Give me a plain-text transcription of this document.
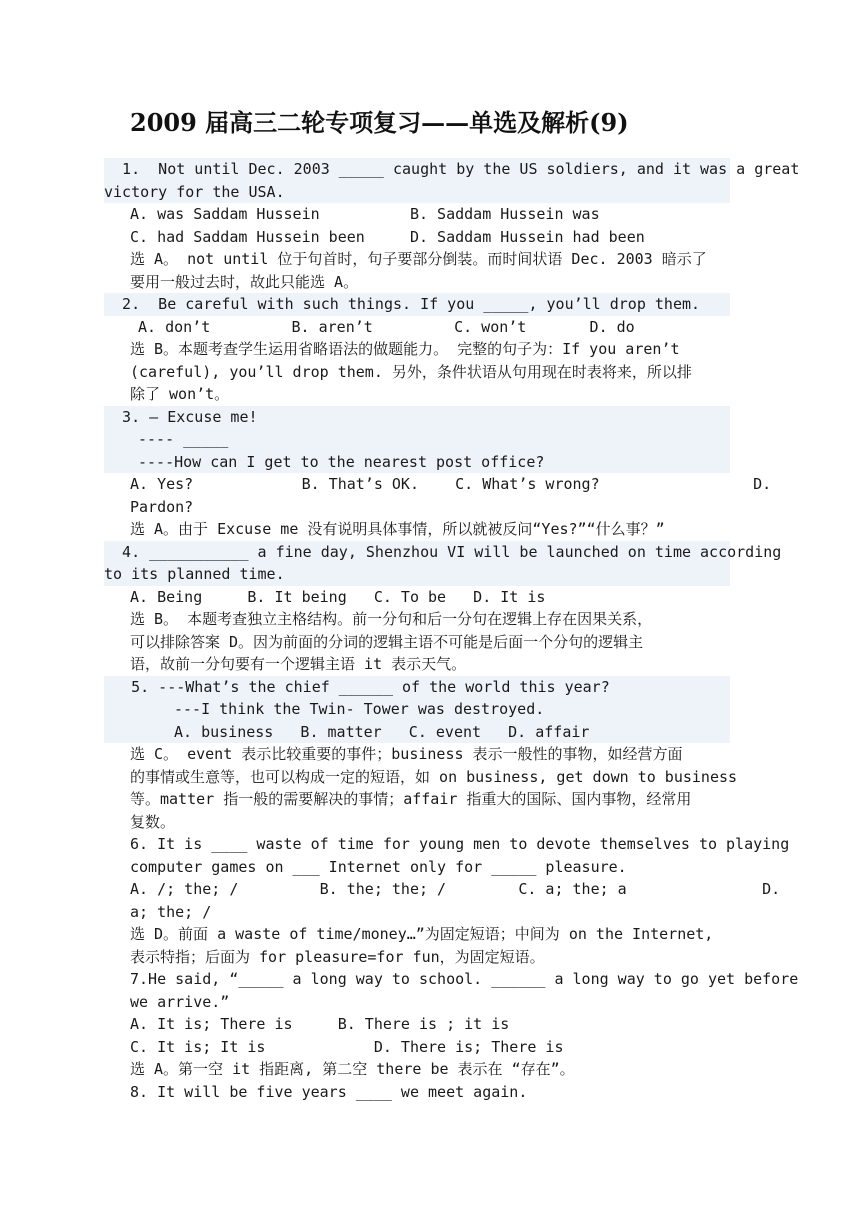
2009 届高三二轮专项复习——单选及解析(9)
1.  Not until Dec. 2003 _____ caught by the US soldiers, and it was a great
victory for the USA.
A. was Saddam Hussein          B. Saddam Hussein was
C. had Saddam Hussein been     D. Saddam Hussein had been
选 A。 not until 位于句首时，句子要部分倒装。而时间状语 Dec. 2003 暗示了
要用一般过去时，故此只能选 A。
2.  Be careful with such things. If you _____, you’ll drop them.
A. don’t         B. aren’t         C. won’t       D. do
选 B。本题考查学生运用省略语法的做题能力。 完整的句子为：If you aren’t
(careful), you’ll drop them. 另外，条件状语从句用现在时表将来，所以排
除了 won’t。
3. — Excuse me!
---- _____
----How can I get to the nearest post office?
A. Yes?            B. That’s OK.    C. What’s wrong?                 D.
Pardon?
选 A。由于 Excuse me 没有说明具体事情，所以就被反问“Yes?”“什么事？”
4. ___________ a fine day, Shenzhou VI will be launched on time according
to its planned time.
A. Being     B. It being   C. To be   D. It is
选 B。 本题考查独立主格结构。前一分句和后一分句在逻辑上存在因果关系，
可以排除答案 D。因为前面的分词的逻辑主语不可能是后面一个分句的逻辑主
语，故前一分句要有一个逻辑主语 it 表示天气。
5. ---What’s the chief ______ of the world this year?
---I think the Twin- Tower was destroyed.
A. business   B. matter   C. event   D. affair
选 C。 event 表示比较重要的事件；business 表示一般性的事物，如经营方面
的事情或生意等，也可以构成一定的短语，如 on business, get down to business
等。matter 指一般的需要解决的事情；affair 指重大的国际、国内事物，经常用
复数。
6. It is ____ waste of time for young men to devote themselves to playing
computer games on ___ Internet only for _____ pleasure.
A. /; the; /         B. the; the; /        C. a; the; a               D.
a; the; /
选 D。前面 a waste of time/money…”为固定短语；中间为 on the Internet,
表示特指；后面为 for pleasure=for fun，为固定短语。
7.He said, “_____ a long way to school. ______ a long way to go yet before
we arrive.”
A. It is; There is     B. There is ; it is
C. It is; It is            D. There is; There is
选 A。第一空 it 指距离, 第二空 there be 表示在 “存在”。
8. It will be five years ____ we meet again.
